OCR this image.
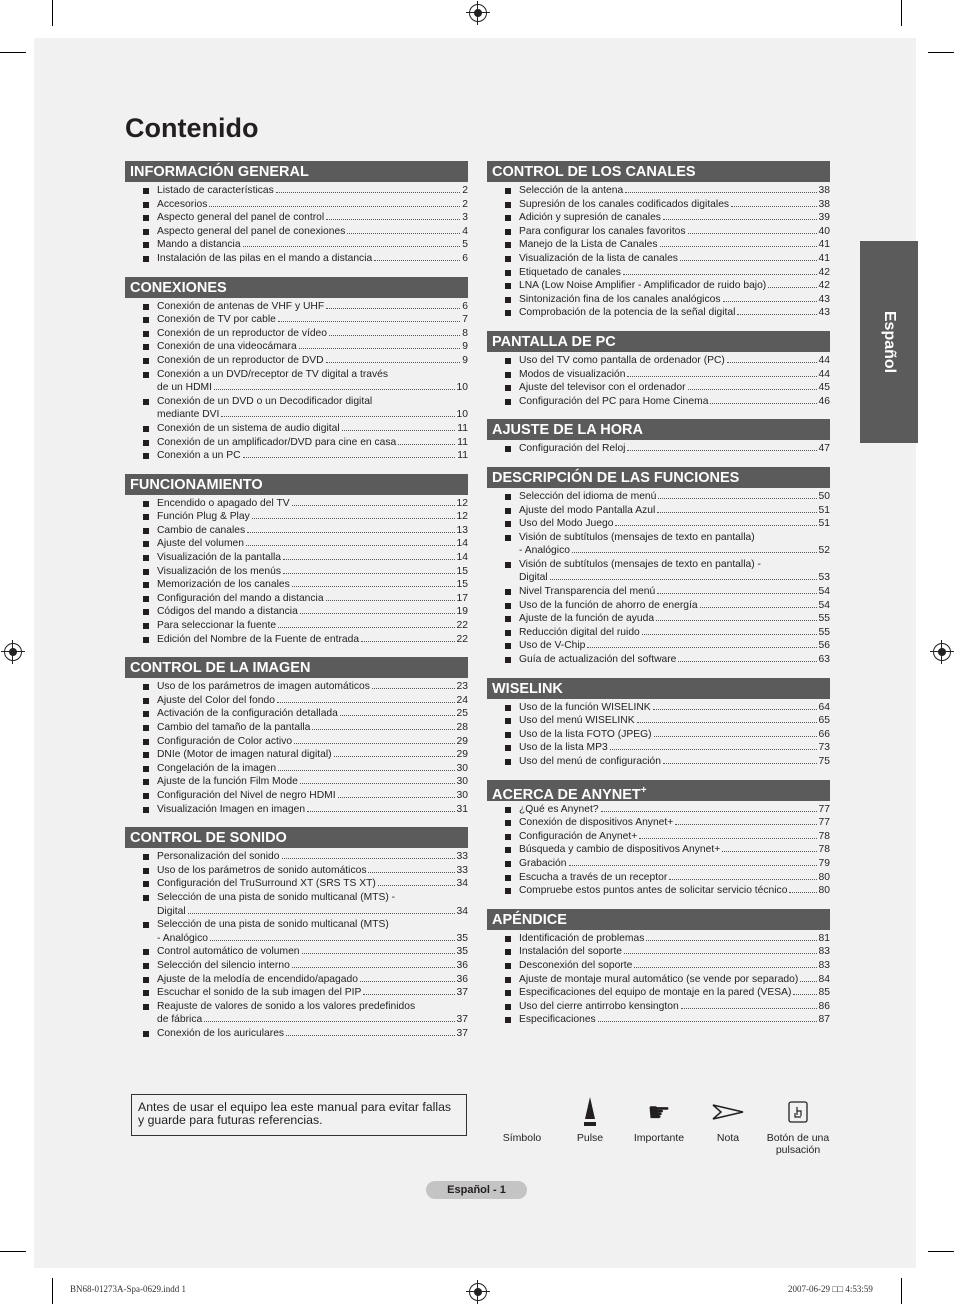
Contenido
Español
INFORMACIÓN GENERAL
Listado de características	2
Accesorios	2
Aspecto general del panel de control	3
Aspecto general del panel de conexiones	4
Mando a distancia	5
Instalación de las pilas en el mando a distancia	6
CONEXIONES
Conexión de antenas de VHF y UHF	6
Conexión de TV por cable	7
Conexión de un reproductor de vídeo	8
Conexión de una videocámara	9
Conexión de un reproductor de DVD	9
Conexión a un DVD/receptor de TV digital a través
de un HDMI	10
Conexión de un DVD o un Decodificador digital
mediante DVI	10
Conexión de un sistema de audio digital	11
Conexión de un amplificador/DVD para cine en casa	11
Conexión a un PC	11
FUNCIONAMIENTO
Encendido o apagado del TV	12
Función Plug & Play	12
Cambio de canales	13
Ajuste del volumen	14
Visualización de la pantalla	14
Visualización de los menús	15
Memorización de los canales	15
Configuración del mando a distancia	17
Códigos del mando a distancia	19
Para seleccionar la fuente	22
Edición del Nombre de la Fuente de entrada	22
CONTROL DE LA IMAGEN
Uso de los parámetros de imagen automáticos	23
Ajuste del Color del fondo	24
Activación de la configuración detallada	25
Cambio del tamaño de la pantalla	28
Configuración de Color activo	29
DNIe (Motor de imagen natural digital)	29
Congelación de la imagen	30
Ajuste de la función Film Mode	30
Configuración del Nivel de negro HDMI	30
Visualización Imagen en imagen	31
CONTROL DE SONIDO
Personalización del sonido	33
Uso de los parámetros de sonido automáticos	33
Configuración del TruSurround XT (SRS TS XT)	34
Selección de una pista de sonido multicanal (MTS) -
Digital	34
Selección de una pista de sonido multicanal (MTS)
- Analógico	35
Control automático de volumen	35
Selección del silencio interno	36
Ajuste de la melodía de encendido/apagado	36
Escuchar el sonido de la sub imagen del PIP	37
Reajuste de valores de sonido a los valores predefinidos
de fábrica	37
Conexión de los auriculares	37
CONTROL DE LOS CANALES
Selección de la antena	38
Supresión de los canales codificados digitales	38
Adición y supresión de canales	39
Para configurar los canales favoritos	40
Manejo de la Lista de Canales	41
Visualización de la lista de canales	41
Etiquetado de canales	42
LNA (Low Noise Amplifier - Amplificador de ruido bajo)	42
Sintonización fina de los canales analógicos	43
Comprobación de la potencia de la señal digital	43
PANTALLA DE PC
Uso del TV como pantalla de ordenador (PC)	44
Modos de visualización	44
Ajuste del televisor con el ordenador	45
Configuración del PC para Home Cinema	46
AJUSTE DE LA HORA
Configuración del Reloj	47
DESCRIPCIÓN DE LAS FUNCIONES
Selección del idioma de menú	50
Ajuste del modo Pantalla Azul	51
Uso del Modo Juego	51
Visión de subtítulos (mensajes de texto en pantalla)
- Analógico	52
Visión de subtítulos (mensajes de texto en pantalla) -
Digital	53
Nivel Transparencia del menú	54
Uso de la función de ahorro de energía	54
Ajuste de la función de ayuda	55
Reducción digital del ruido	55
Uso de V-Chip	56
Guía de actualización del software	63
WISELINK
Uso de la función WISELINK	64
Uso del menú WISELINK	65
Uso de la lista FOTO (JPEG)	66
Uso de la lista MP3	73
Uso del menú de configuración	75
ACERCA DE ANYNET+
¿Qué es Anynet?	77
Conexión de dispositivos Anynet+	77
Configuración de Anynet+	78
Búsqueda y cambio de dispositivos Anynet+	78
Grabación	79
Escucha a través de un receptor	80
Compruebe estos puntos antes de solicitar servicio técnico	80
APÉNDICE
Identificación de problemas	81
Instalación del soporte	83
Desconexión del soporte	83
Ajuste de montaje mural automático (se vende por separado) 84
Especificaciones del equipo de montaje en la pared (VESA)	85
Uso del cierre antirrobo kensington	86
Especificaciones	87
Antes de usar el equipo lea este manual para evitar fallas y guarde para futuras referencias.
Símbolo	Pulse
☛
Importante	Nota	Botón de una pulsación
Español - 1
BN68-01273A-Spa-0629.indd 1	2007-06-29 □□ 4:53:59
